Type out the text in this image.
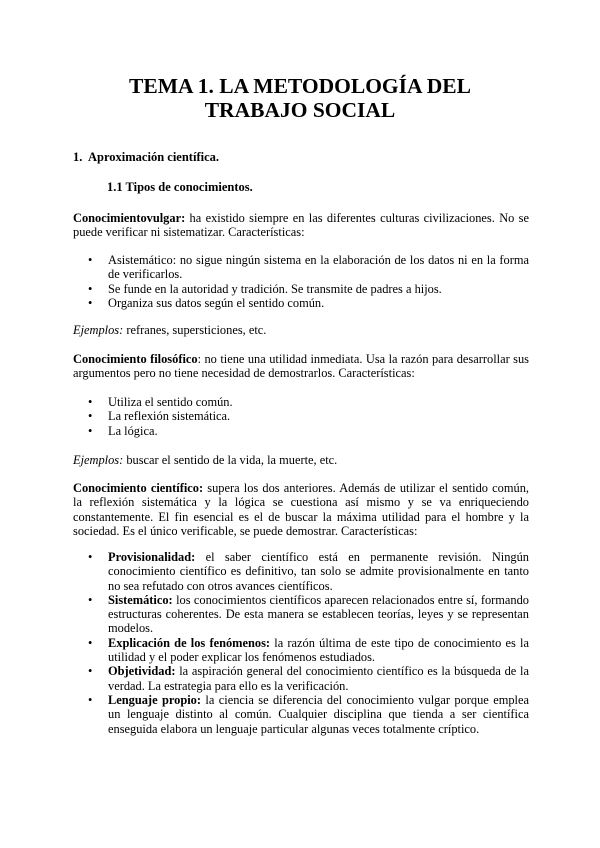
TEMA 1. LA METODOLOGÍA DEL
TRABAJO SOCIAL

1. Aproximación científica.

1.1 Tipos de conocimientos.

Conocimientovulgar: ha existido siempre en las diferentes culturas civilizaciones. No se puede verificar ni sistematizar. Características:

• Asistemático: no sigue ningún sistema en la elaboración de los datos ni en la forma de verificarlos.
• Se funde en la autoridad y tradición. Se transmite de padres a hijos.
• Organiza sus datos según el sentido común.

Ejemplos: refranes, supersticiones, etc.

Conocimiento filosófico: no tiene una utilidad inmediata. Usa la razón para desarrollar sus argumentos pero no tiene necesidad de demostrarlos. Características:

• Utiliza el sentido común.
• La reflexión sistemática.
• La lógica.

Ejemplos: buscar el sentido de la vida, la muerte, etc.

Conocimiento científico: supera los dos anteriores. Además de utilizar el sentido común, la reflexión sistemática y la lógica se cuestiona así mismo y se va enriqueciendo constantemente. El fin esencial es el de buscar la máxima utilidad para el hombre y la sociedad. Es el único verificable, se puede demostrar. Características:

• Provisionalidad: el saber científico está en permanente revisión. Ningún conocimiento científico es definitivo, tan solo se admite provisionalmente en tanto no sea refutado con otros avances científicos.
• Sistemático: los conocimientos científicos aparecen relacionados entre sí, formando estructuras coherentes. De esta manera se establecen teorías, leyes y se representan modelos.
• Explicación de los fenómenos: la razón última de este tipo de conocimiento es la utilidad y el poder explicar los fenómenos estudiados.
• Objetividad: la aspiración general del conocimiento científico es la búsqueda de la verdad. La estrategia para ello es la verificación.
• Lenguaje propio: la ciencia se diferencia del conocimiento vulgar porque emplea un lenguaje distinto al común. Cualquier disciplina que tienda a ser científica enseguida elabora un lenguaje particular algunas veces totalmente críptico.
